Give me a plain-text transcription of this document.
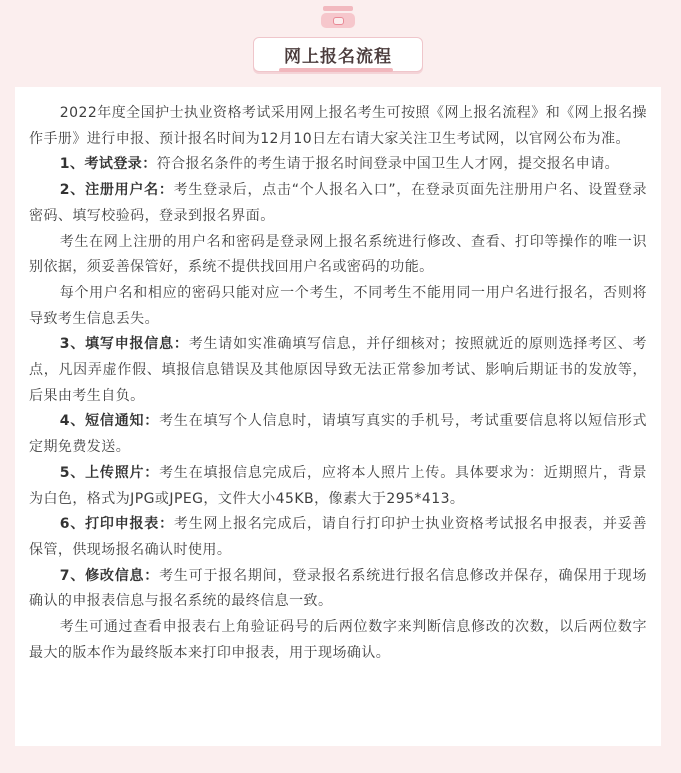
网上报名流程

2022年度全国护士执业资格考试采用网上报名考生可按照《网上报名流程》和《网上报名操作手册》进行申报、预计报名时间为12月10日左右请大家关注卫生考试网，以官网公布为准。

1、考试登录：符合报名条件的考生请于报名时间登录中国卫生人才网，提交报名申请。

2、注册用户名：考生登录后，点击“个人报名入口”，在登录页面先注册用户名、设置登录密码、填写校验码，登录到报名界面。

考生在网上注册的用户名和密码是登录网上报名系统进行修改、查看、打印等操作的唯一识别依据，须妥善保管好，系统不提供找回用户名或密码的功能。

每个用户名和相应的密码只能对应一个考生，不同考生不能用同一用户名进行报名，否则将导致考生信息丢失。

3、填写申报信息：考生请如实准确填写信息，并仔细核对；按照就近的原则选择考区、考点，凡因弄虚作假、填报信息错误及其他原因导致无法正常参加考试、影响后期证书的发放等，后果由考生自负。

4、短信通知：考生在填写个人信息时，请填写真实的手机号，考试重要信息将以短信形式定期免费发送。

5、上传照片：考生在填报信息完成后，应将本人照片上传。具体要求为：近期照片，背景为白色，格式为JPG或JPEG，文件大小45KB，像素大于295*413。

6、打印申报表：考生网上报名完成后，请自行打印护士执业资格考试报名申报表，并妥善保管，供现场报名确认时使用。

7、修改信息：考生可于报名期间，登录报名系统进行报名信息修改并保存，确保用于现场确认的申报表信息与报名系统的最终信息一致。

考生可通过查看申报表右上角验证码号的后两位数字来判断信息修改的次数，以后两位数字最大的版本作为最终版本来打印申报表，用于现场确认。
